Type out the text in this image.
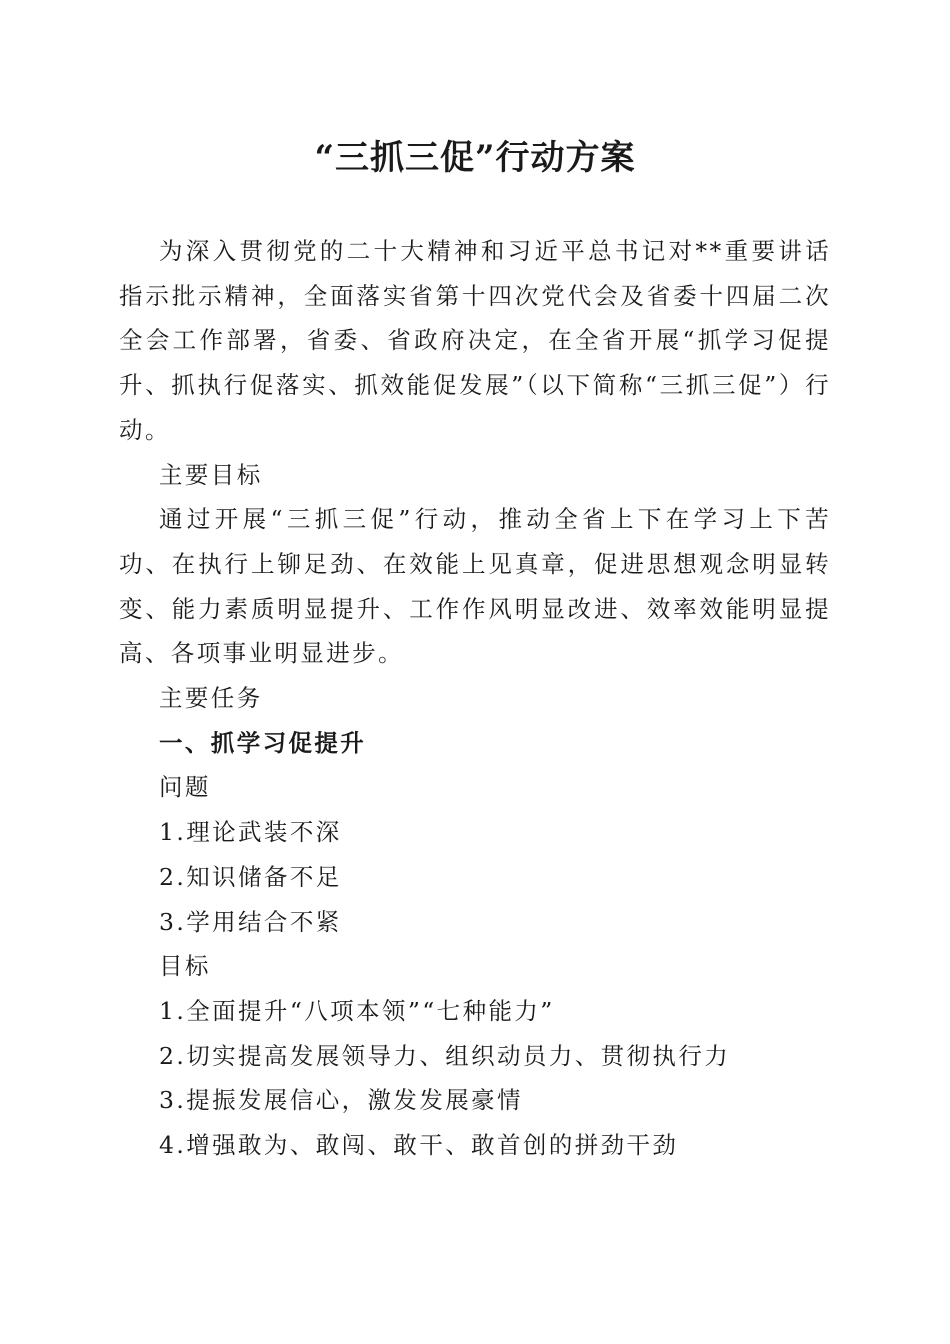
“三抓三促”行动方案

为深入贯彻党的二十大精神和习近平总书记对**重要讲话指示批示精神，全面落实省第十四次党代会及省委十四届二次全会工作部署，省委、省政府决定，在全省开展“抓学习促提升、抓执行促落实、抓效能促发展”（以下简称“三抓三促”）行动。

主要目标

通过开展“三抓三促”行动，推动全省上下在学习上下苦功、在执行上铆足劲、在效能上见真章，促进思想观念明显转变、能力素质明显提升、工作作风明显改进、效率效能明显提高、各项事业明显进步。

主要任务

一、抓学习促提升

问题

1.理论武装不深

2.知识储备不足

3.学用结合不紧

目标

1.全面提升“八项本领”“七种能力”

2.切实提高发展领导力、组织动员力、贯彻执行力

3.提振发展信心，激发发展豪情

4.增强敢为、敢闯、敢干、敢首创的拼劲干劲
